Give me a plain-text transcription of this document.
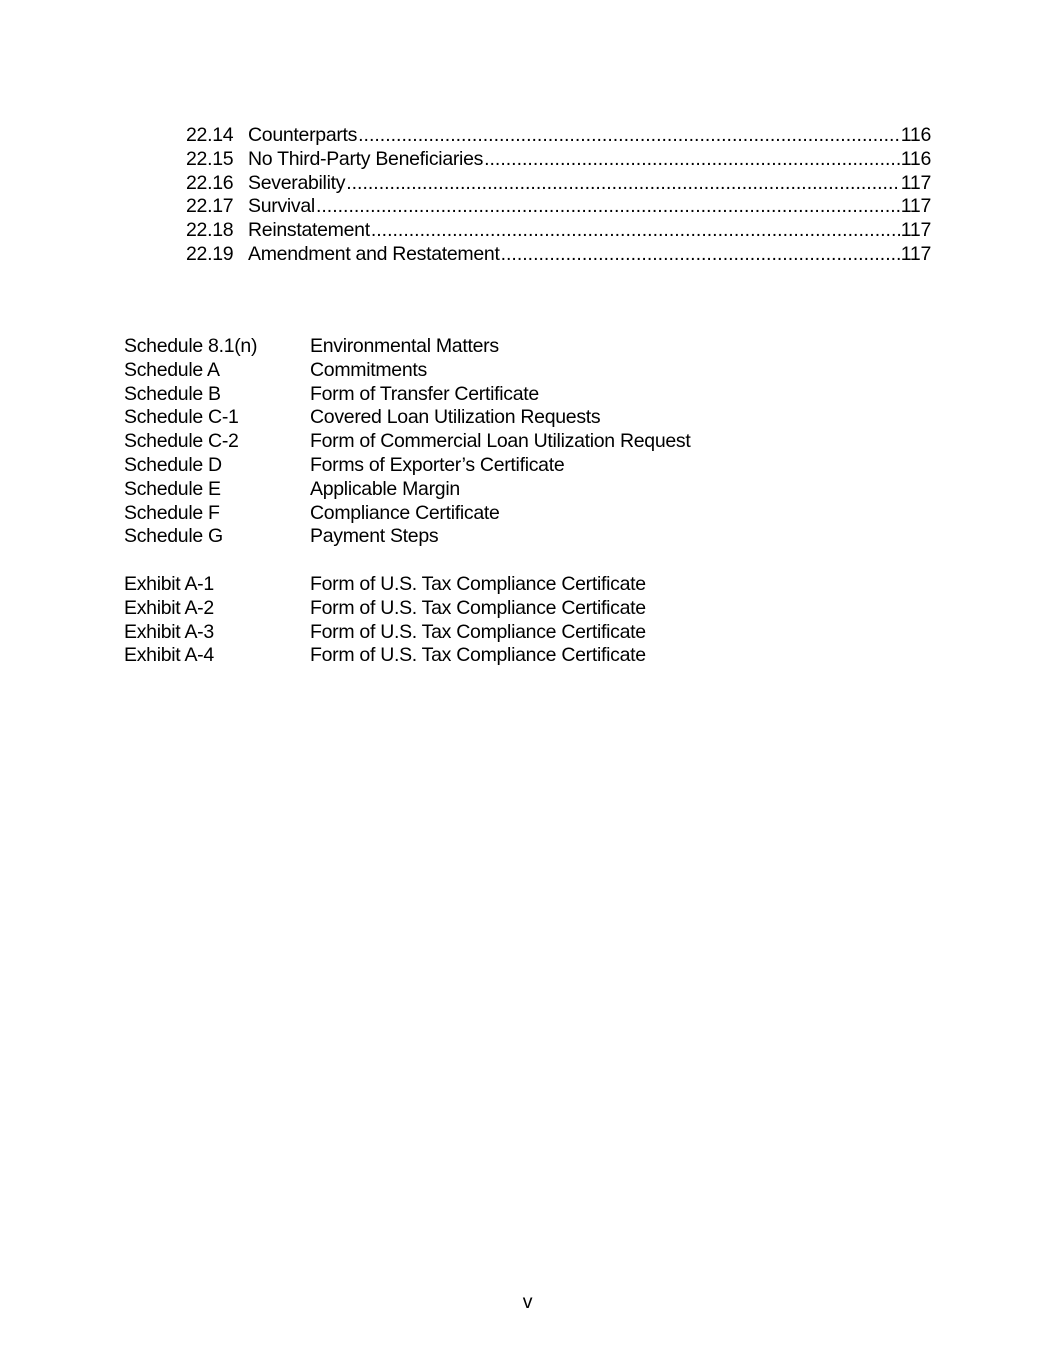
22.14 Counterparts .....	116
22.15 No Third-Party Beneficiaries .....	116
22.16 Severability .....	117
22.17 Survival .....	117
22.18 Reinstatement .....	117
22.19 Amendment and Restatement .....	117
Schedule 8.1(n)	Environmental Matters
Schedule A	Commitments
Schedule B	Form of Transfer Certificate
Schedule C-1	Covered Loan Utilization Requests
Schedule C-2	Form of Commercial Loan Utilization Request
Schedule D	Forms of Exporter’s Certificate
Schedule E	Applicable Margin
Schedule F	Compliance Certificate
Schedule G	Payment Steps
Exhibit A-1	Form of U.S. Tax Compliance Certificate
Exhibit A-2	Form of U.S. Tax Compliance Certificate
Exhibit A-3	Form of U.S. Tax Compliance Certificate
Exhibit A-4	Form of U.S. Tax Compliance Certificate
v
